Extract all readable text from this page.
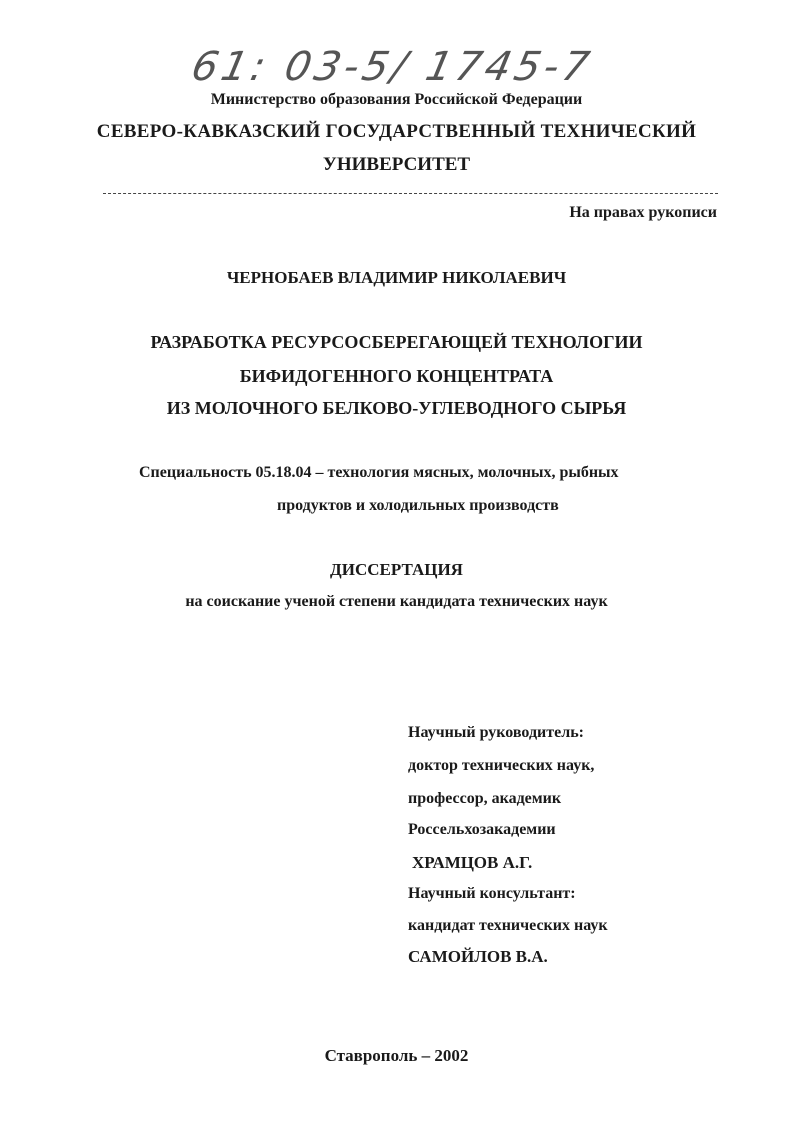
61: 03-5/ 1745-7
Министерство образования Российской Федерации
СЕВЕРО-КАВКАЗСКИЙ ГОСУДАРСТВЕННЫЙ ТЕХНИЧЕСКИЙ
УНИВЕРСИТЕТ
На правах рукописи
ЧЕРНОБАЕВ ВЛАДИМИР НИКОЛАЕВИЧ
РАЗРАБОТКА РЕСУРСОСБЕРЕГАЮЩЕЙ ТЕХНОЛОГИИ
БИФИДОГЕННОГО КОНЦЕНТРАТА
ИЗ МОЛОЧНОГО БЕЛКОВО-УГЛЕВОДНОГО СЫРЬЯ
Специальность 05.18.04 – технология мясных, молочных, рыбных
продуктов и холодильных производств
ДИССЕРТАЦИЯ
на соискание ученой степени кандидата технических наук
Научный руководитель:
доктор технических наук,
профессор, академик
Россельхозакадемии
ХРАМЦОВ А.Г.
Научный консультант:
кандидат технических наук
САМОЙЛОВ В.А.
Ставрополь – 2002
